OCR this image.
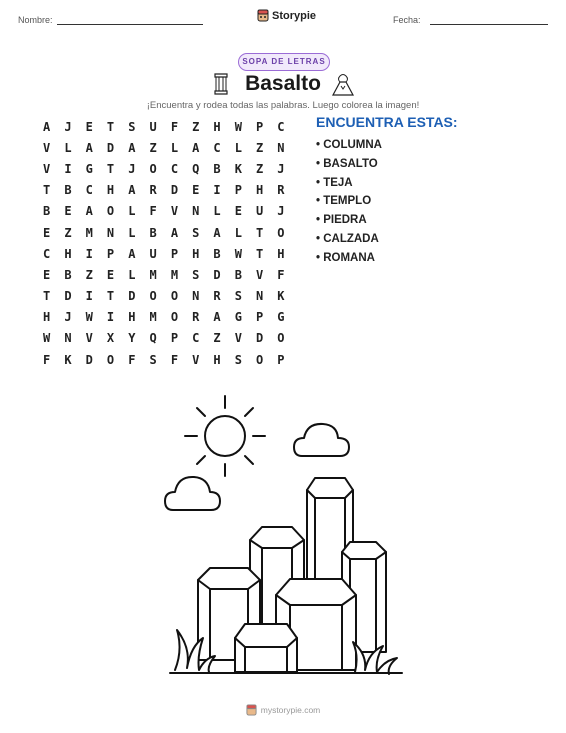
Nombre:	Storypie	Fecha:
SOPA DE LETRAS
Basalto
¡Encuentra y rodea todas las palabras. Luego colorea la imagen!
A	J	E	T	S	U	F	Z	H	W	P	C
V	L	A	D	A	Z	L	A	C	L	Z	N
V	I	G	T	J	O	C	Q	B	K	Z	J
T	B	C	H	A	R	D	E	I	P	H	R
B	E	A	O	L	F	V	N	L	E	U	J
E	Z	M	N	L	B	A	S	A	L	T	O
C	H	I	P	A	U	P	H	B	W	T	H
E	B	Z	E	L	M	M	S	D	B	V	F
T	D	I	T	D	O	O	N	R	S	N	K
H	J	W	I	H	M	O	R	A	G	P	G
W	N	V	X	Y	Q	P	C	Z	V	D	O
F	K	D	O	F	S	F	V	H	S	O	P
ENCUENTRA ESTAS:
• COLUMNA
• BASALTO
• TEJA
• TEMPLO
• PIEDRA
• CALZADA
• ROMANA
mystorypie.com
